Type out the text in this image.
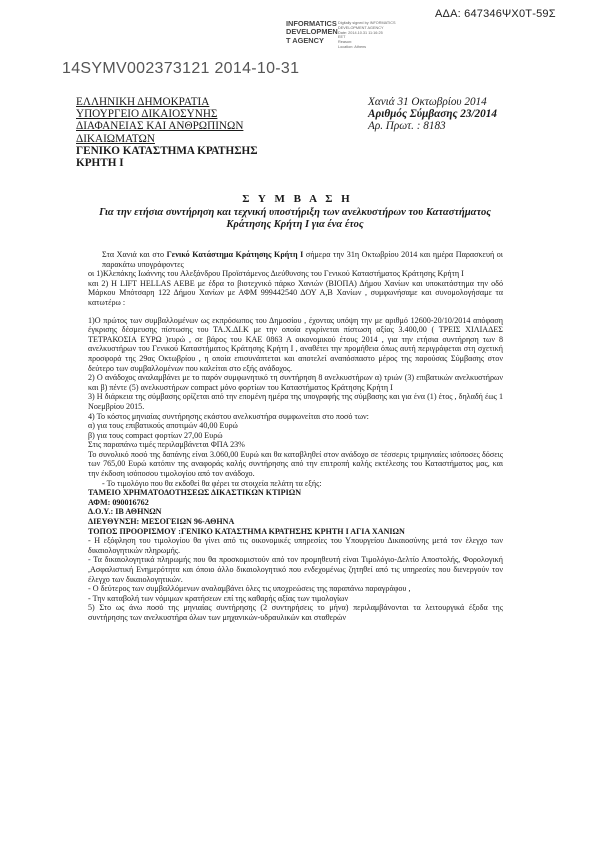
ΑΔΑ: 647346ΨΧ0Τ-59Σ
INFORMATICS
DEVELOPMEN
T AGENCY
Digitally signed by INFORMATICS
DEVELOPMENT AGENCY
Date: 2014.10.31 11:16:25
EET
Reason:
Location: Athens
14SYMV002373121 2014-10-31
ΕΛΛΗΝΙΚΗ ΔΗΜΟΚΡΑΤΙΑ
ΥΠΟΥΡΓΕΙΟ ΔΙΚΑΙΟΣΥΝΗΣ
ΔΙΑΦΑΝΕΙΑΣ ΚΑΙ ΑΝΘΡΩΠΙΝΩΝ
ΔΙΚΑΙΩΜΑΤΩΝ
ΓΕΝΙΚΟ ΚΑΤΑΣΤΗΜΑ ΚΡΑΤΗΣΗΣ
ΚΡΗΤΗ Ι
Χανιά 31 Οκτωβρίου 2014
Αριθμός Σύμβασης 23/2014
Αρ. Πρωτ. : 8183
Σ Υ Μ Β Α Σ Η
Για την ετήσια συντήρηση και τεχνική υποστήριξη των ανελκυστήρων του Καταστήματος Κράτησης Κρήτη Ι για ένα έτος

Στα Χανιά και στο Γενικό Κατάστημα Κράτησης Κρήτη Ι σήμερα την 31η Οκτωβρίου 2014 και ημέρα Παρασκευή οι παρακάτω υπογράφοντες

οι 1)Κλεπάκης Ιωάννης του Αλεξάνδρου Προϊστάμενος Διεύθυνσης του Γενικού Καταστήματος Κράτησης Κρήτη Ι

και 2) Η LIFT HELLAS AEBE με έδρα το βιοτεχνικό πάρκο Χανιών (ΒΙΟΠΑ) Δήμου Χανίων και υποκατάστημα την οδό Μάρκου Μπότσαρη 122 Δήμου Χανίων με ΑΦΜ 999442540 ΔΟΥ Α,Β Χανίων , συμφωνήσαμε και συνομολογήσαμε τα κατωτέρω :

1)Ο πρώτος των συμβαλλομένων ως εκπρόσωπος του Δημοσίου , έχοντας υπόψη την με αριθμό 12600-20/10/2014 απόφαση έγκρισης δέσμευσης πίστωσης του ΤΑ.Χ.ΔΙ.Κ με την οποία εγκρίνεται πίστωση αξίας 3.400,00 ( ΤΡΕΙΣ ΧΙΛΙΑΔΕΣ ΤΕΤΡΑΚΟΣΙΑ ΕΥΡΩ )ευρώ , σε βάρος του ΚΑΕ 0863 Α οικονομικού έτους 2014 , για την ετήσια συντήρηση των 8 ανελκυστήρων του Γενικού Καταστήματος Κράτησης Κρήτη Ι , αναθέτει την προμήθεια όπως αυτή περιγράφεται στη σχετική προσφορά της 29ας Οκτωβρίου , η οποία επισυνάπτεται και αποτελεί αναπόσπαστο μέρος της παρούσας Σύμβασης στον δεύτερο των συμβαλλομένων που καλείται στο εξής ανάδοχος.

2) Ο ανάδοχος αναλαμβάνει με το παρόν συμφωνητικό τη συντήρηση 8 ανελκυστήρων α) τριών (3) επιβατικών ανελκυστήρων και β) πέντε (5) ανελκυστήρων compact μόνο φορτίων του Καταστήματος Κράτησης Κρήτη Ι

3) Η διάρκεια της σύμβασης ορίζεται από την επομένη ημέρα της υπογραφής της σύμβασης και για ένα (1) έτος , δηλαδή έως 1 Νοεμβρίου 2015.

4) Το κόστος μηνιαίας συντήρησης εκάστου ανελκυστήρα συμφωνείται στο ποσό των:

α) για τους επιβατικούς αποτιμών 40,00 Ευρώ

β) για τους compact φορτίων 27,00 Ευρώ

Στις παραπάνω τιμές περιλαμβάνεται ΦΠΑ 23%

Το συνολικό ποσό της δαπάνης είναι 3.060,00 Ευρώ και θα καταβληθεί στον ανάδοχο σε τέσσερις τριμηνιαίες ισόποσες δόσεις των 765,00 Ευρώ κατόπιν της αναφοράς καλής συντήρησης από την επιτροπή καλής εκτέλεσης του Καταστήματος μας, και την έκδοση ισόποσου τιμολογίου από τον ανάδοχο.

- Το τιμολόγιο που θα εκδοθεί θα φέρει τα στοιχεία πελάτη τα εξής:

ΤΑΜΕΙΟ ΧΡΗΜΑΤΟΔΟΤΗΣΕΩΣ ΔΙΚΑΣΤΙΚΩΝ ΚΤΙΡΙΩΝ

ΑΦΜ: 090016762

Δ.Ο.Υ.: ΙΒ ΑΘΗΝΩΝ

ΔΙΕΥΘΥΝΣΗ: ΜΕΣΟΓΕΙΩΝ 96-ΑΘΗΝΑ

ΤΟΠΟΣ ΠΡΟΟΡΙΣΜΟΥ :ΓΕΝΙΚΟ ΚΑΤΑΣΤΗΜΑ ΚΡΑΤΗΣΗΣ ΚΡΗΤΗ Ι ΑΓΙΑ ΧΑΝΙΩΝ

- Η εξόφληση του τιμολογίου θα γίνει από τις οικονομικές υπηρεσίες του Υπουργείου Δικαιοσύνης μετά τον έλεγχο των δικαιολογητικών πληρωμής.

- Τα δικαιολογητικά πληρωμής που θα προσκομιστούν από τον προμηθευτή είναι Τιμολόγιο-Δελτίο Αποστολής, Φορολογική ,Ασφαλιστική Ενημερότητα και όποιο άλλο δικαιολογητικό που ενδεχομένως ζητηθεί από τις υπηρεσίες που διενεργούν τον έλεγχο των δικαιολογητικών.

- Ο δεύτερος των συμβαλλόμενων αναλαμβάνει όλες τις υποχρεώσεις της παραπάνω παραγράφου ,

- Την καταβολή των νόμιμων κρατήσεων επί της καθαρής αξίας των τιμολογίων

5) Στο ως άνω ποσό της μηνιαίας συντήρησης (2 συντηρήσεις το μήνα) περιλαμβάνονται τα λειτουργικά έξοδα της συντήρησης των ανελκυστήρα όλων των μηχανικών-υδραυλικών και σταθερών
